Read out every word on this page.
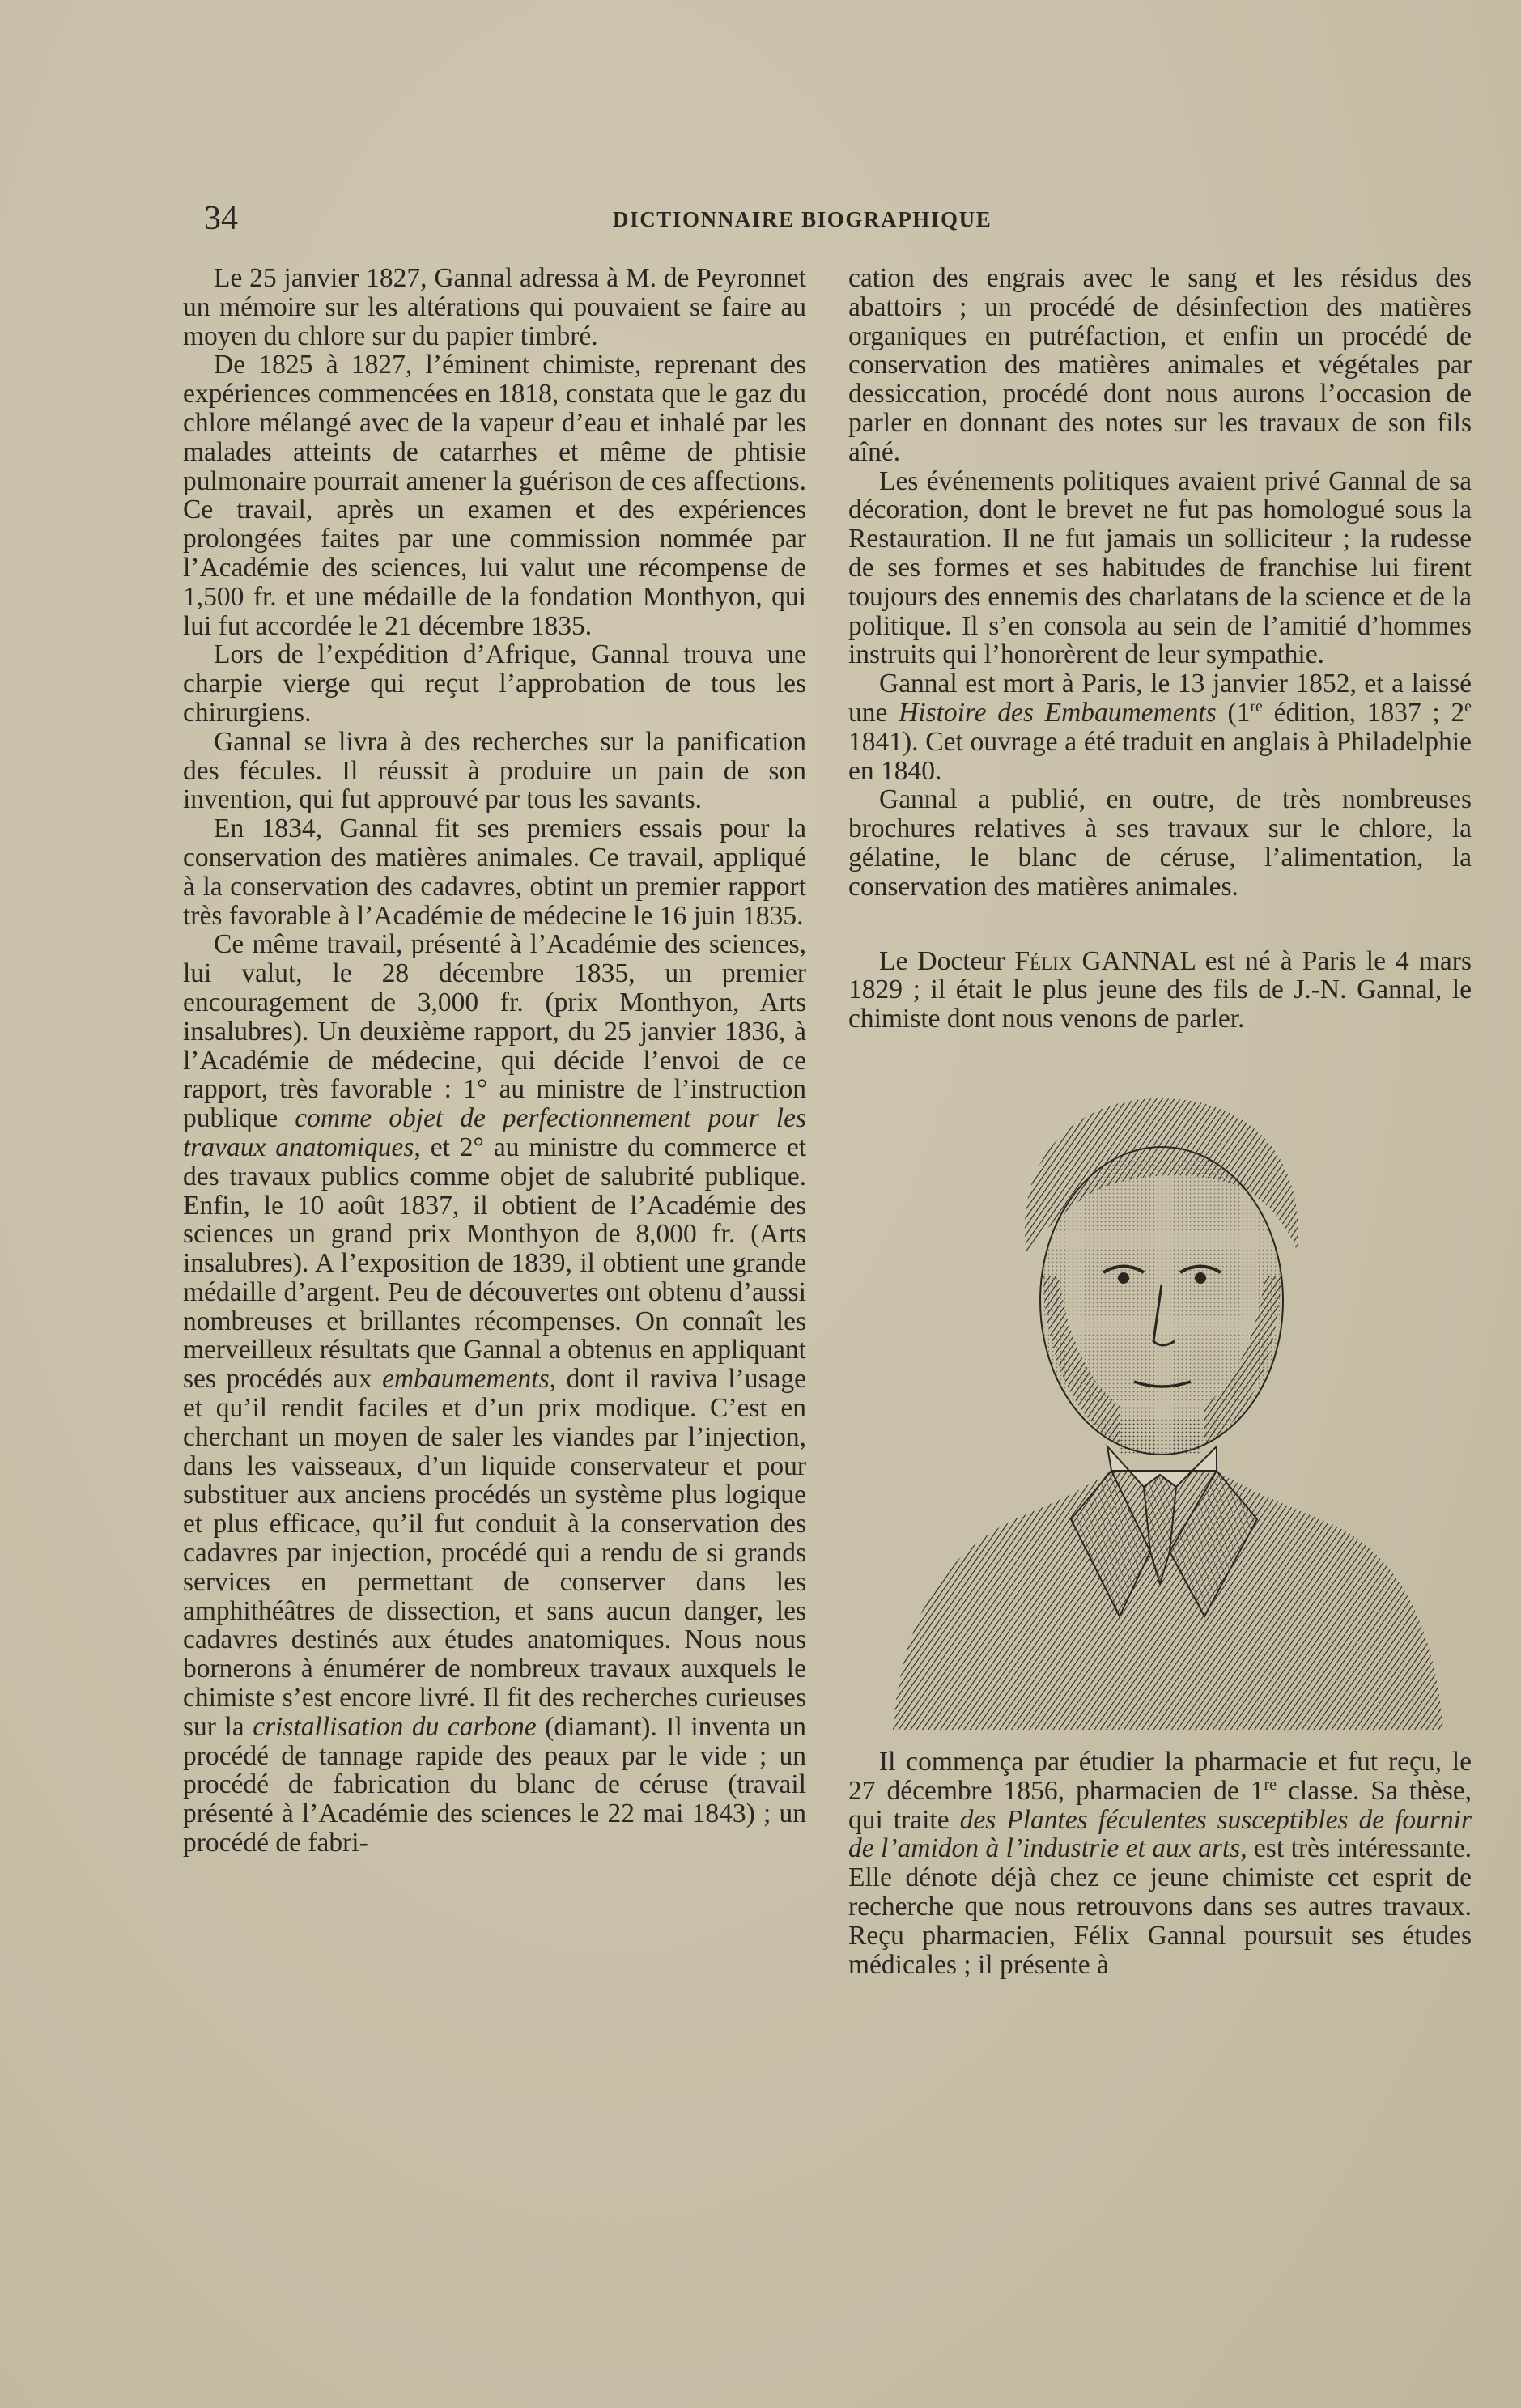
34	DICTIONNAIRE BIOGRAPHIQUE

Le 25 janvier 1827, Gannal adressa à M. de Peyronnet un mémoire sur les altérations qui pouvaient se faire au moyen du chlore sur du papier timbré.

De 1825 à 1827, l’éminent chimiste, reprenant des expériences commencées en 1818, constata que le gaz du chlore mélangé avec de la vapeur d’eau et inhalé par les malades atteints de catarrhes et même de phtisie pulmonaire pourrait amener la guérison de ces affections. Ce travail, après un examen et des expériences prolongées faites par une commission nommée par l’Académie des sciences, lui valut une récompense de 1,500 fr. et une médaille de la fondation Monthyon, qui lui fut accordée le 21 décembre 1835.

Lors de l’expédition d’Afrique, Gannal trouva une charpie vierge qui reçut l’approbation de tous les chirurgiens.

Gannal se livra à des recherches sur la panification des fécules. Il réussit à produire un pain de son invention, qui fut approuvé par tous les savants.

En 1834, Gannal fit ses premiers essais pour la conservation des matières animales. Ce travail, appliqué à la conservation des cadavres, obtint un premier rapport très favorable à l’Académie de médecine le 16 juin 1835.

Ce même travail, présenté à l’Académie des sciences, lui valut, le 28 décembre 1835, un premier encouragement de 3,000 fr. (prix Monthyon, Arts insalubres). Un deuxième rapport, du 25 janvier 1836, à l’Académie de médecine, qui décide l’envoi de ce rapport, très favorable : 1° au ministre de l’instruction publique comme objet de perfectionnement pour les travaux anatomiques, et 2° au ministre du commerce et des travaux publics comme objet de salubrité publique. Enfin, le 10 août 1837, il obtient de l’Académie des sciences un grand prix Monthyon de 8,000 fr. (Arts insalubres). A l’exposition de 1839, il obtient une grande médaille d’argent. Peu de découvertes ont obtenu d’aussi nombreuses et brillantes récompenses. On connaît les merveilleux résultats que Gannal a obtenus en appliquant ses procédés aux embaumements, dont il raviva l’usage et qu’il rendit faciles et d’un prix modique. C’est en cherchant un moyen de saler les viandes par l’injection, dans les vaisseaux, d’un liquide conservateur et pour substituer aux anciens procédés un système plus logique et plus efficace, qu’il fut conduit à la conservation des cadavres par injection, procédé qui a rendu de si grands services en permettant de conserver dans les amphithéâtres de dissection, et sans aucun danger, les cadavres destinés aux études anatomiques. Nous nous bornerons à énumérer de nombreux travaux auxquels le chimiste s’est encore livré. Il fit des recherches curieuses sur la cristallisation du carbone (diamant). Il inventa un procédé de tannage rapide des peaux par le vide ; un procédé de fabrication du blanc de céruse (travail présenté à l’Académie des sciences le 22 mai 1843) ; un procédé de fabri-

cation des engrais avec le sang et les résidus des abattoirs ; un procédé de désinfection des matières organiques en putréfaction, et enfin un procédé de conservation des matières animales et végétales par dessiccation, procédé dont nous aurons l’occasion de parler en donnant des notes sur les travaux de son fils aîné.

Les événements politiques avaient privé Gannal de sa décoration, dont le brevet ne fut pas homologué sous la Restauration. Il ne fut jamais un solliciteur ; la rudesse de ses formes et ses habitudes de franchise lui firent toujours des ennemis des charlatans de la science et de la politique. Il s’en consola au sein de l’amitié d’hommes instruits qui l’honorèrent de leur sympathie.

Gannal est mort à Paris, le 13 janvier 1852, et a laissé une Histoire des Embaumements (1re édition, 1837 ; 2e 1841). Cet ouvrage a été traduit en anglais à Philadelphie en 1840.

Gannal a publié, en outre, de très nombreuses brochures relatives à ses travaux sur le chlore, la gélatine, le blanc de céruse, l’alimentation, la conservation des matières animales.

Le Docteur Félix GANNAL est né à Paris le 4 mars 1829 ; il était le plus jeune des fils de J.-N. Gannal, le chimiste dont nous venons de parler.

Il commença par étudier la pharmacie et fut reçu, le 27 décembre 1856, pharmacien de 1re classe. Sa thèse, qui traite des Plantes féculentes susceptibles de fournir de l’amidon à l’industrie et aux arts, est très intéressante. Elle dénote déjà chez ce jeune chimiste cet esprit de recherche que nous retrouvons dans ses autres travaux. Reçu pharmacien, Félix Gannal poursuit ses études médicales ; il présente à
